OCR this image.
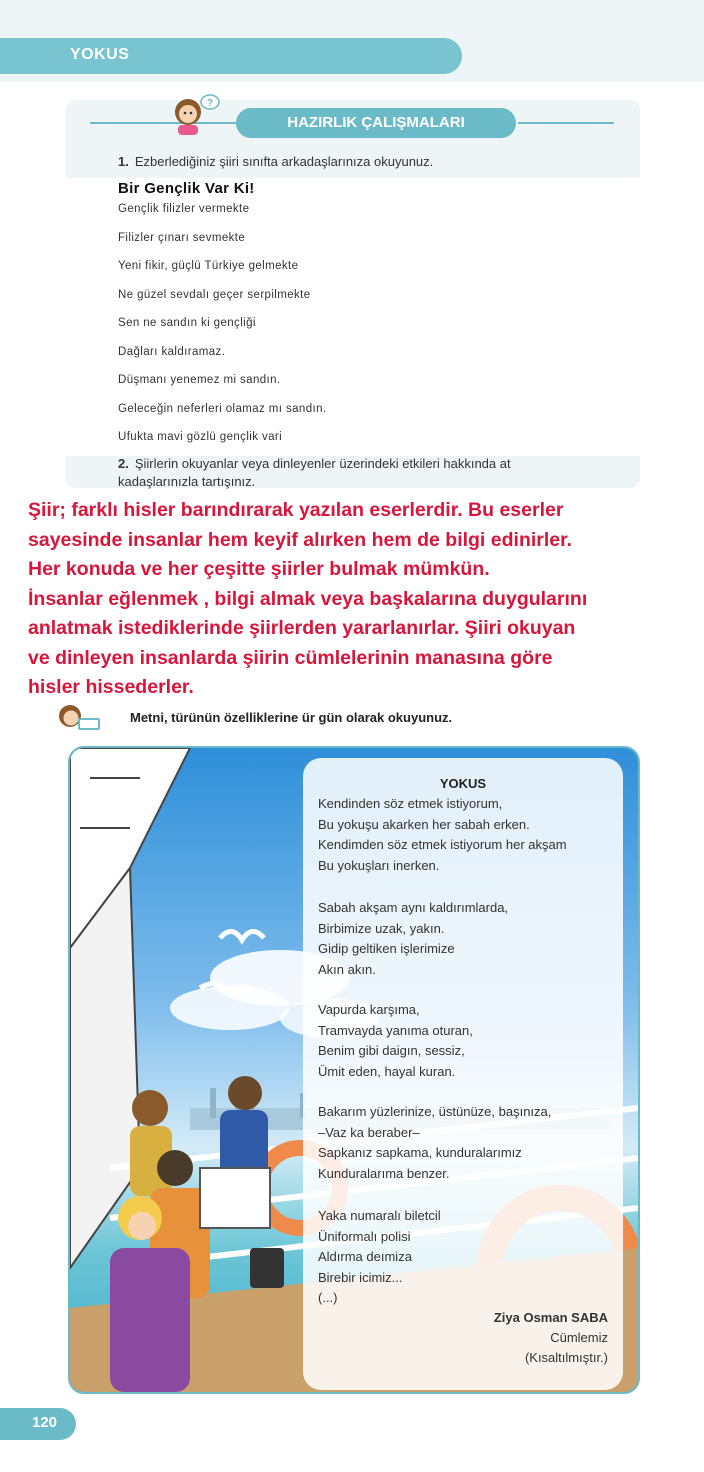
YOKUS
HAZIRLIK ÇALIŞMALARI
?
1. Ezberlediğiniz şiiri sınıfta arkadaşlarınıza okuyunuz.
Bir Gençlik Var Ki!
Gençlik filizler vermekte
Filizler çınarı sevmekte
Yeni fikir, güçlü Türkiye gelmekte
Ne güzel sevdalı geçer serpilmekte
Sen ne sandın ki gençliği
Dağları kaldıramaz.
Düşmanı yenemez mi sandın.
Geleceğin neferleri olamaz mı sandın.
Ufukta mavi gözlü gençlik vari
2. Şiirlerin okuyanlar veya dinleyenler üzerindeki etkileri hakkında at
kadaşlarınızla tartışınız.
Şiir; farklı hisler barındırarak yazılan eserlerdir. Bu eserler
sayesinde insanlar hem keyif alırken hem de bilgi edinirler.
Her konuda ve her çeşitte şiirler bulmak mümkün.
İnsanlar eğlenmek , bilgi almak veya başkalarına duygularını
anlatmak istediklerinde şiirlerden yararlanırlar. Şiiri okuyan
ve dinleyen insanlarda şiirin cümlelerinin manasına göre
hisler hissederler.
Metni, türünün özelliklerine ür gün olarak okuyunuz.
YOKUS
Kendinden söz etmek istiyorum,
Bu yokuşu akarken her sabah erken.
Kendimden söz etmek istiyorum her akşam
Bu yokuşları inerken.
Sabah akşam aynı kaldırımlarda,
Birbimize uzak, yakın.
Gidip geltiken işlerimize
Akın akın.
Vapurda karşıma,
Tramvayda yanıma oturan,
Benim gibi daigın, sessiz,
Ümit eden, hayal kuran.
Bakarım yüzlerinize, üstünüze, başınıza,
–Vaz ka beraber–
Sapkanız sapkama, kunduralarımız
Kunduralarıma benzer.
Yaka numaralı biletcil
Üniformalı polisi
Aldırma deımiza
Birebir icimiz...
(...)
Ziya Osman SABA
Cümlemiz
(Kısaltılmıştır.)
120
